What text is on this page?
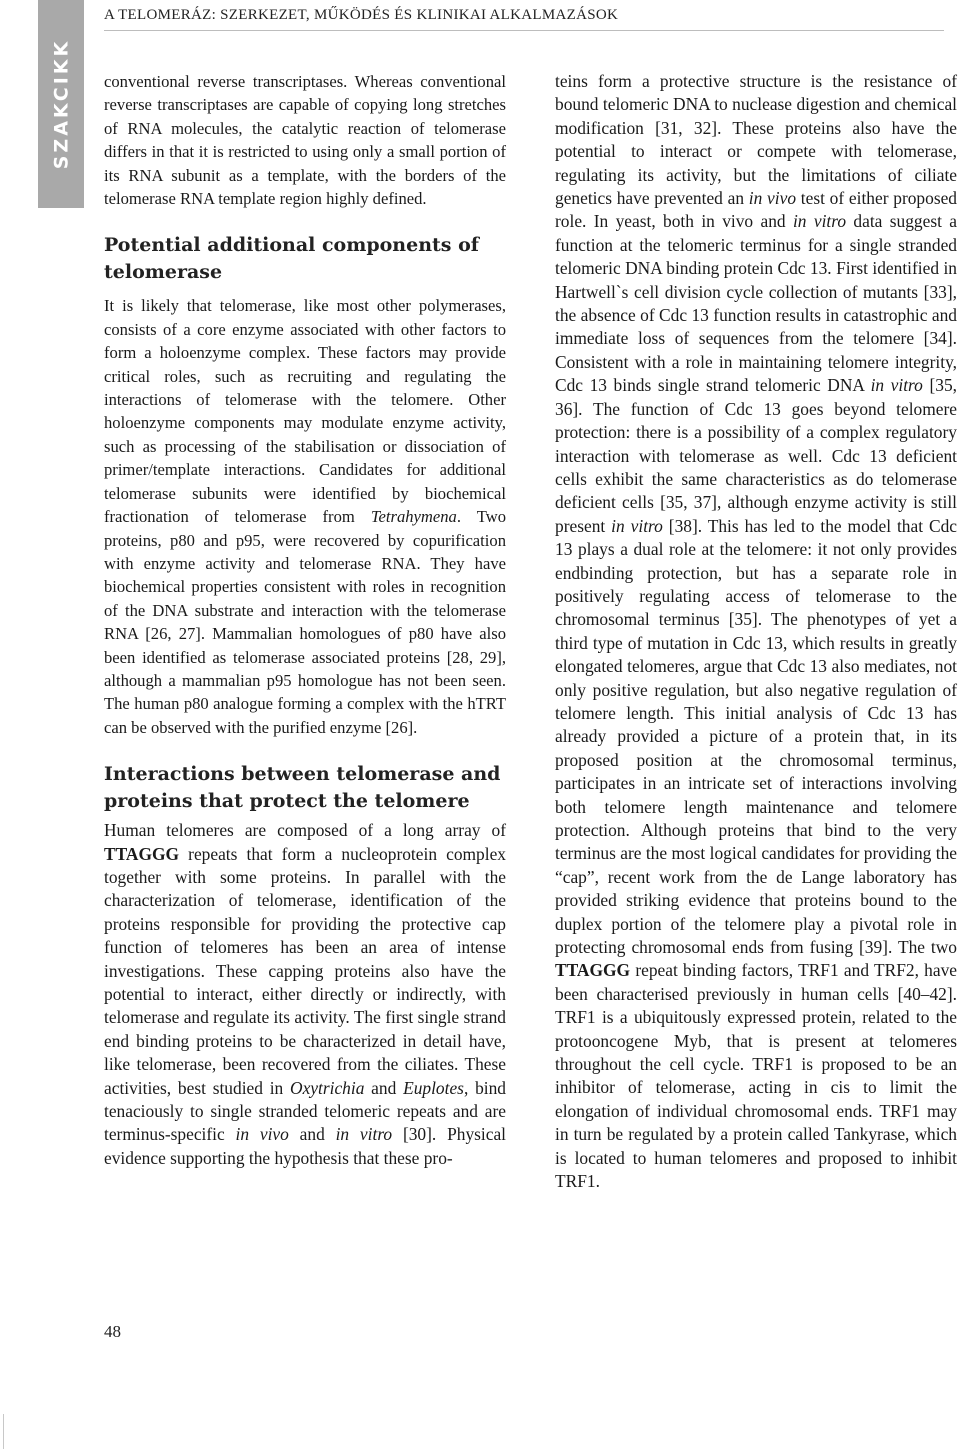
SZAKCIKK
A TELOMERÁZ: SZERKEZET, MŰKÖDÉS ÉS KLINIKAI ALKALMAZÁSOK

conventional reverse transcriptases. Whereas conventional reverse transcriptases are capable of copying long stretches of RNA molecules, the catalytic reaction of telomerase differs in that it is restricted to using only a small portion of its RNA subunit as a template, with the borders of the telomerase RNA template region highly defined.

Potential additional components of telomerase

It is likely that telomerase, like most other polymerases, consists of a core enzyme associated with other factors to form a holoenzyme complex. These factors may provide critical roles, such as recruiting and regulating the interactions of telomerase with the telomere. Other holoenzyme components may modulate enzyme activity, such as processing of the stabilisation or dissociation of primer/template interactions. Candidates for additional telomerase subunits were identified by biochemical fractionation of telomerase from Tetrahymena. Two proteins, p80 and p95, were recovered by copurification with enzyme activity and telomerase RNA. They have biochemical properties consistent with roles in recognition of the DNA substrate and interaction with the telomerase RNA [26, 27]. Mammalian homologues of p80 have also been identified as telomerase associated proteins [28, 29], although a mammalian p95 homologue has not been seen. The human p80 analogue forming a complex with the hTRT can be observed with the purified enzyme [26].

Interactions between telomerase and proteins that protect the telomere

Human telomeres are composed of a long array of TTAGGG repeats that form a nucleoprotein complex together with some proteins. In parallel with the characterization of telomerase, identification of the proteins responsible for providing the protective cap function of telomeres has been an area of intense investigations. These capping proteins also have the potential to interact, either directly or indirectly, with telomerase and regulate its activity. The first single strand end binding proteins to be characterized in detail have, like telomerase, been recovered from the ciliates. These activities, best studied in Oxytrichia and Euplotes, bind tenaciously to single stranded telomeric repeats and are terminus-specific in vivo and in vitro [30]. Physical evidence supporting the hypothesis that these pro-

teins form a protective structure is the resistance of bound telomeric DNA to nuclease digestion and chemical modification [31, 32]. These proteins also have the potential to interact or compete with telomerase, regulating its activity, but the limitations of ciliate genetics have prevented an in vivo test of either proposed role. In yeast, both in vivo and in vitro data suggest a function at the telomeric terminus for a single stranded telomeric DNA binding protein Cdc 13. First identified in Hartwell`s cell division cycle collection of mutants [33], the absence of Cdc 13 function results in catastrophic and immediate loss of sequences from the telomere [34]. Consistent with a role in maintaining telomere integrity, Cdc 13 binds single strand telomeric DNA in vitro [35, 36]. The function of Cdc 13 goes beyond telomere protection: there is a possibility of a complex regulatory interaction with telomerase as well. Cdc 13 deficient cells exhibit the same characteristics as do telomerase deficient cells [35, 37], although enzyme activity is still present in vitro [38]. This has led to the model that Cdc 13 plays a dual role at the telomere: it not only provides endbinding protection, but has a separate role in positively regulating access of telomerase to the chromosomal terminus [35]. The phenotypes of yet a third type of mutation in Cdc 13, which results in greatly elongated telomeres, argue that Cdc 13 also mediates, not only positive regulation, but also negative regulation of telomere length. This initial analysis of Cdc 13 has already provided a picture of a protein that, in its proposed position at the chromosomal terminus, participates in an intricate set of interactions involving both telomere length maintenance and telomere protection. Although proteins that bind to the very terminus are the most logical candidates for providing the “cap”, recent work from the de Lange laboratory has provided striking evidence that proteins bound to the duplex portion of the telomere play a pivotal role in protecting chromosomal ends from fusing [39]. The two TTAGGG repeat binding factors, TRF1 and TRF2, have been characterised previously in human cells [40–42]. TRF1 is a ubiquitously expressed protein, related to the protooncogene Myb, that is present at telomeres throughout the cell cycle. TRF1 is proposed to be an inhibitor of telomerase, acting in cis to limit the elongation of individual chromosomal ends. TRF1 may in turn be regulated by a protein called Tankyrase, which is located to human telomeres and proposed to inhibit TRF1.

48
